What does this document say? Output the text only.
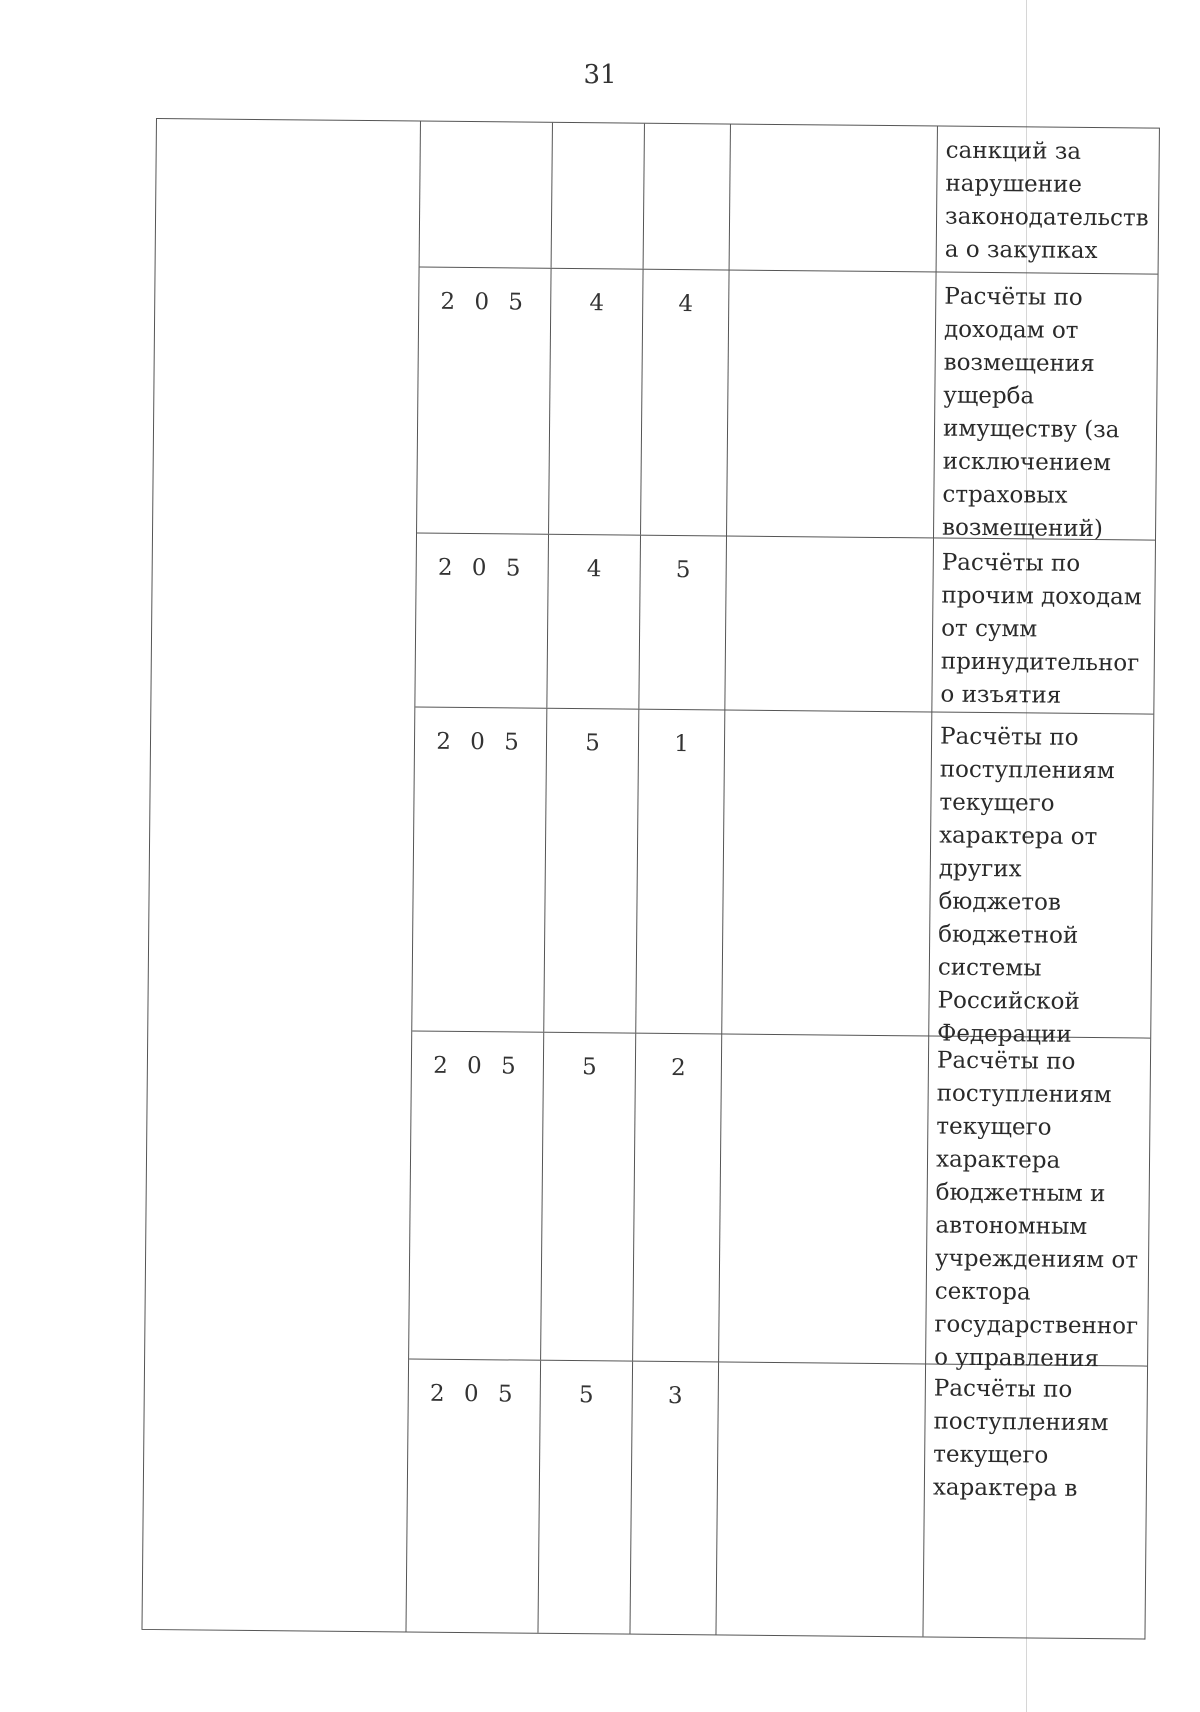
31
санкций за
нарушение
законодательств
а о закупках
2 0 5	4	4	Расчёты по
доходам от
возмещения
ущерба
имуществу (за
исключением
страховых
возмещений)
2 0 5	4	5	Расчёты по
прочим доходам
от сумм
принудительног
о изъятия
2 0 5	5	1	Расчёты по
поступлениям
текущего
характера от
других
бюджетов
бюджетной
системы
Российской
Федерации
2 0 5	5	2	Расчёты по
поступлениям
текущего
характера
бюджетным и
автономным
учреждениям от
сектора
государственног
о управления
2 0 5	5	3	Расчёты по
поступлениям
текущего
характера в
